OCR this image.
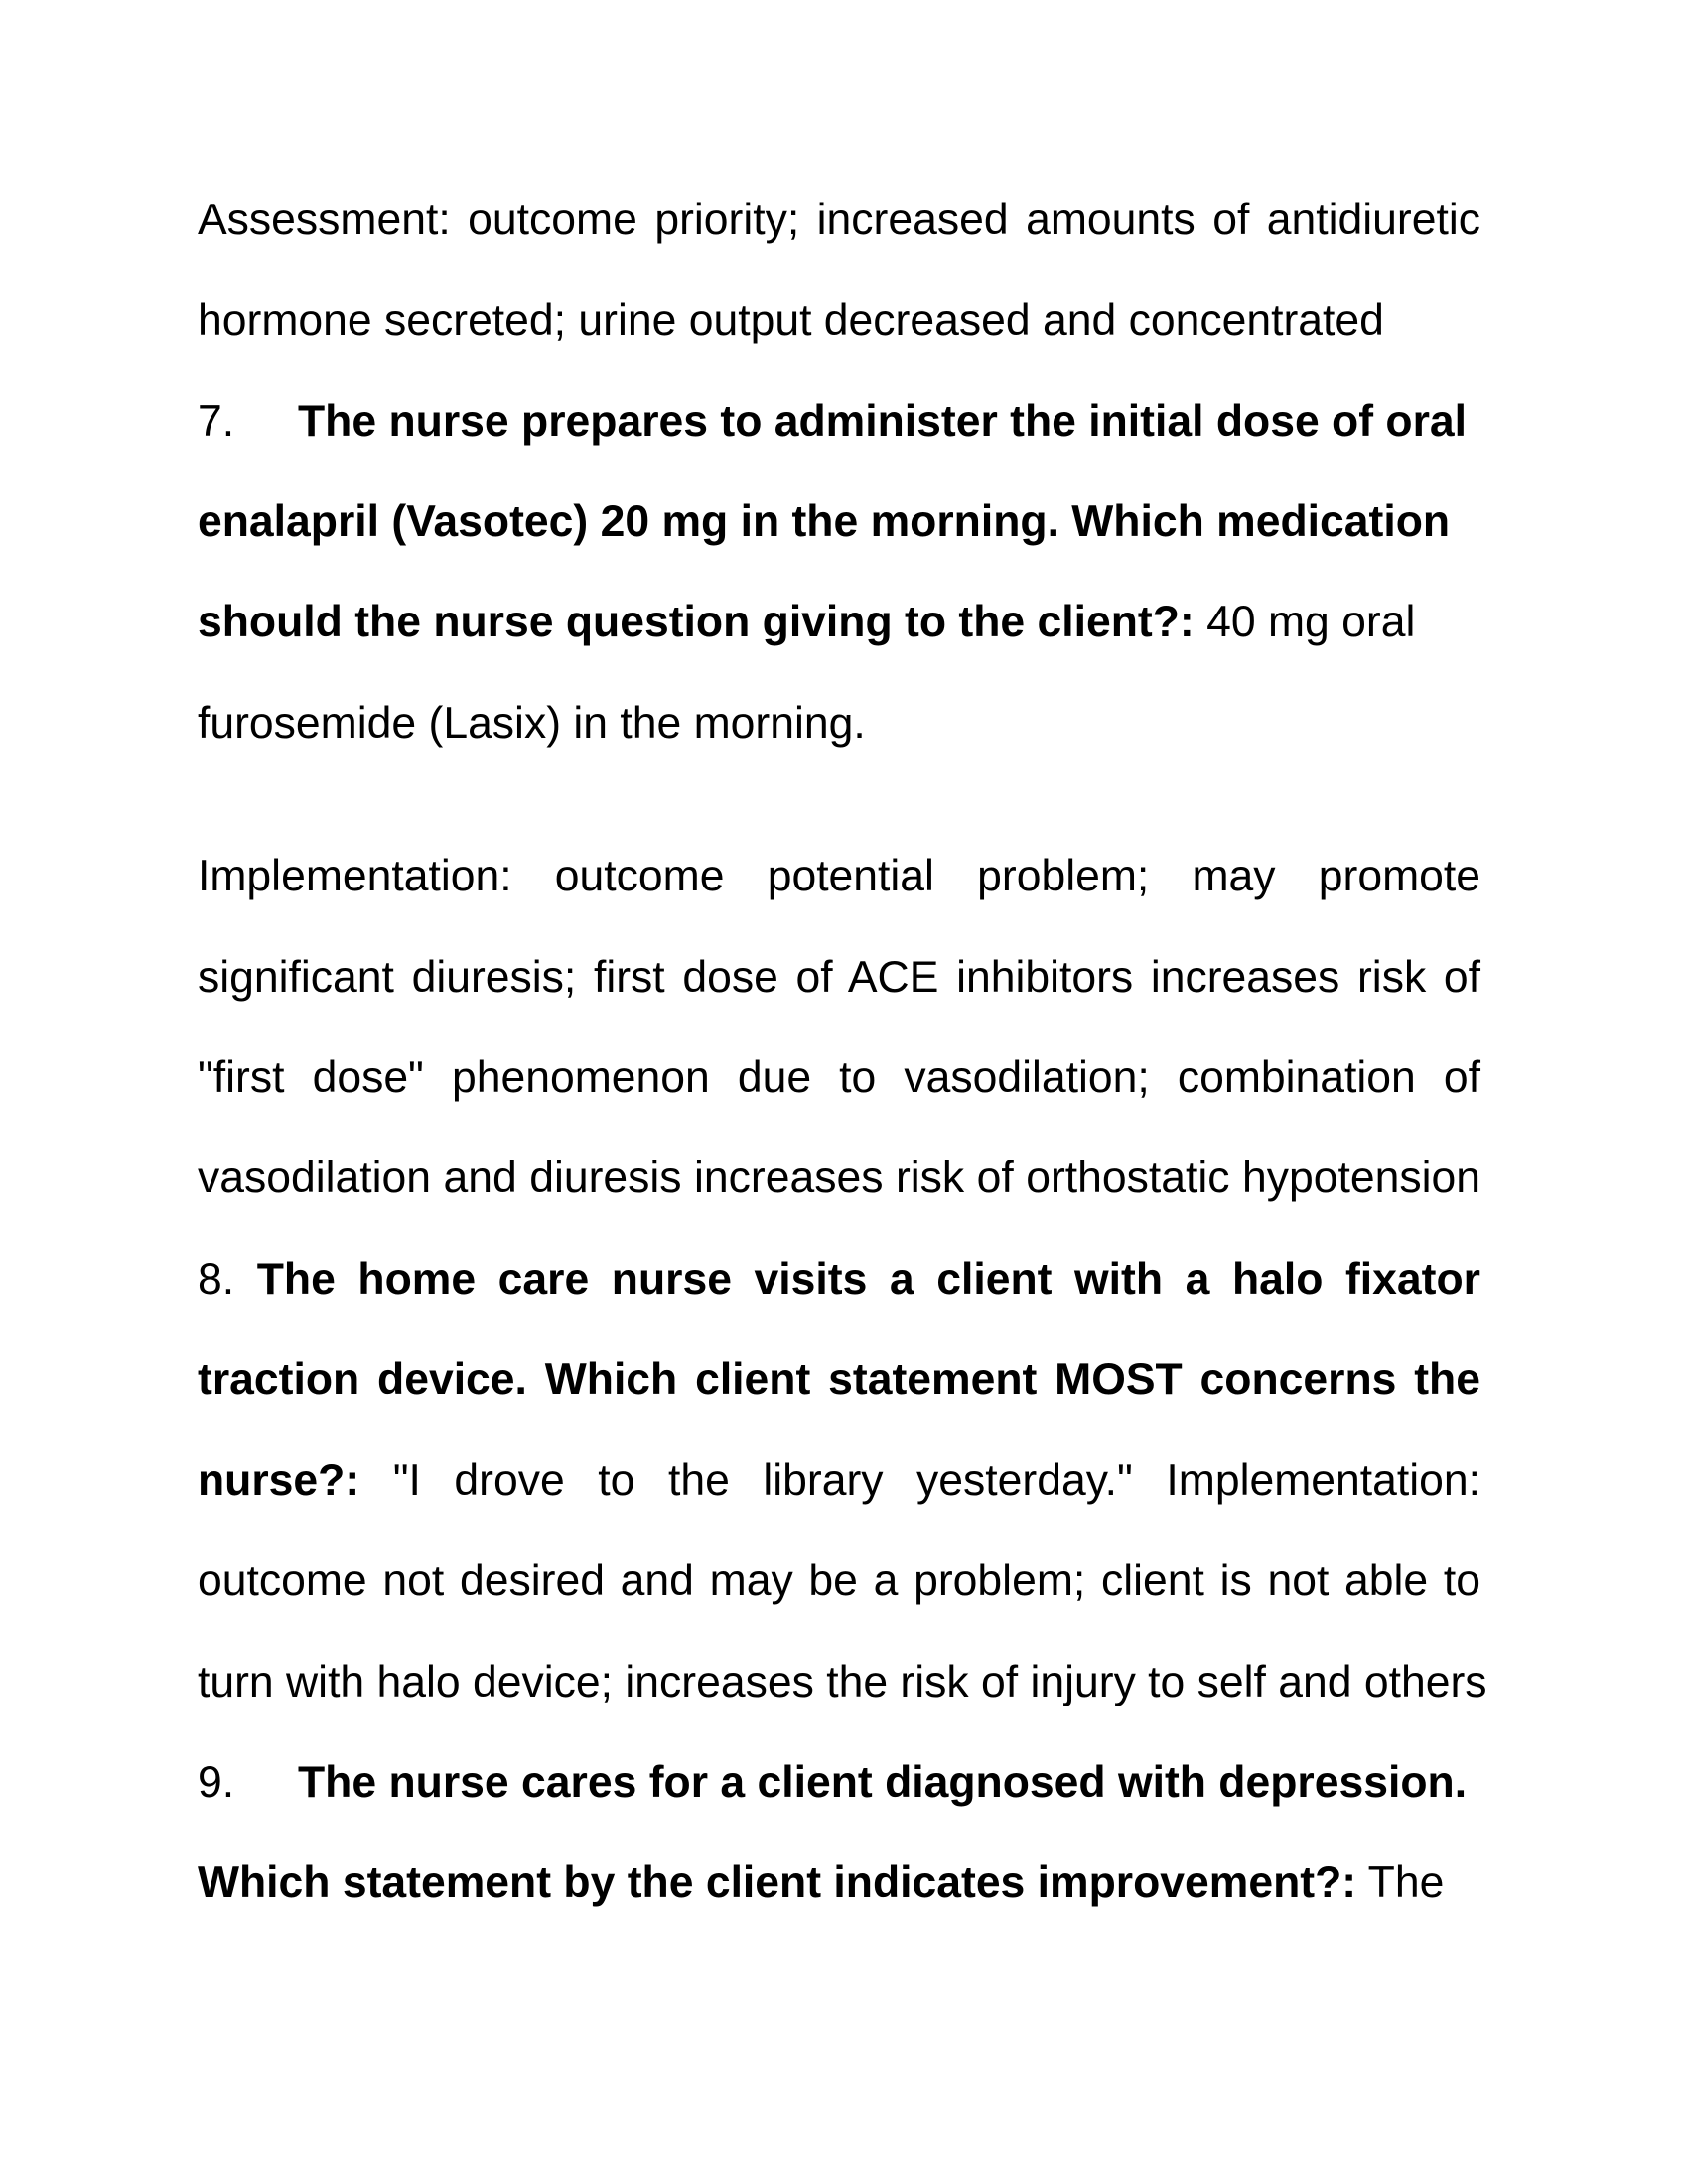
Assessment: outcome priority; increased amounts of antidiuretic
hormone secreted; urine output decreased and concentrated
7. The nurse prepares to administer the initial dose of oral
enalapril (Vasotec) 20 mg in the morning. Which medication
should the nurse question giving to the client?: 40 mg oral
furosemide (Lasix) in the morning.
Implementation: outcome potential problem; may promote
significant diuresis; first dose of ACE inhibitors increases risk of
"first dose" phenomenon due to vasodilation; combination of
vasodilation and diuresis increases risk of orthostatic hypotension
8. The home care nurse visits a client with a halo fixator
traction device. Which client statement MOST concerns the
nurse?: "I drove to the library yesterday." Implementation:
outcome not desired and may be a problem; client is not able to
turn with halo device; increases the risk of injury to self and others
9. The nurse cares for a client diagnosed with depression.
Which statement by the client indicates improvement?: The
